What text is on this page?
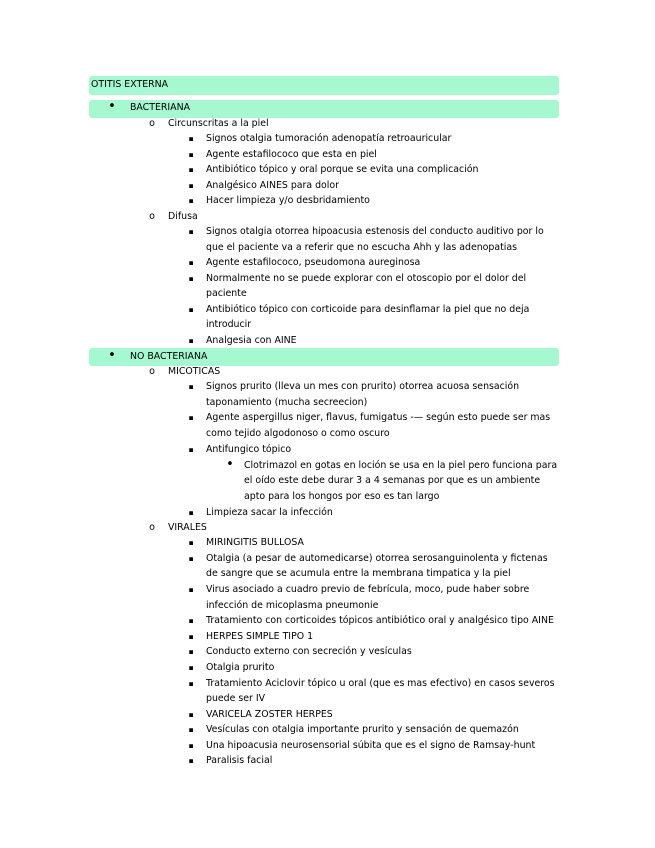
OTITIS EXTERNA
• BACTERIANA
o Circunscritas a la piel
▪ Signos otalgia tumoración adenopatía retroauricular
▪ Agente estafilococo que esta en piel
▪ Antibiótico tópico y oral porque se evita una complicación
▪ Analgésico AINES para dolor
▪ Hacer limpieza y/o desbridamiento
o Difusa
▪ Signos otalgia otorrea hipoacusia estenosis del conducto auditivo por lo
que el paciente va a referir que no escucha Ahh y las adenopatias
▪ Agente estafilococo, pseudomona aureginosa
▪ Normalmente no se puede explorar con el otoscopio por el dolor del
paciente
▪ Antibiótico tópico con corticoide para desinflamar la piel que no deja
introducir
▪ Analgesia con AINE
• NO BACTERIANA
o MICOTICAS
▪ Signos prurito (lleva un mes con prurito) otorrea acuosa sensación
taponamiento (mucha secreecion)
▪ Agente aspergillus niger, flavus, fumigatus -— según esto puede ser mas
como tejido algodonoso o como oscuro
▪ Antifungico tópico
• Clotrimazol en gotas en loción se usa en la piel pero funciona para
el oído este debe durar 3 a 4 semanas por que es un ambiente
apto para los hongos por eso es tan largo
▪ Limpieza sacar la infección
o VIRALES
▪ MIRINGITIS BULLOSA
▪ Otalgia (a pesar de automedicarse) otorrea serosanguinolenta y fictenas
de sangre que se acumula entre la membrana timpatica y la piel
▪ Virus asociado a cuadro previo de febrícula, moco, pude haber sobre
infección de micoplasma pneumonie
▪ Tratamiento con corticoides tópicos antibiótico oral y analgésico tipo AINE
▪ HERPES SIMPLE TIPO 1
▪ Conducto externo con secreción y vesículas
▪ Otalgia prurito
▪ Tratamiento Aciclovir tópico u oral (que es mas efectivo) en casos severos
puede ser IV
▪ VARICELA ZOSTER HERPES
▪ Vesículas con otalgia importante prurito y sensación de quemazón
▪ Una hipoacusia neurosensorial súbita que es el signo de Ramsay-hunt
▪ Paralisis facial
